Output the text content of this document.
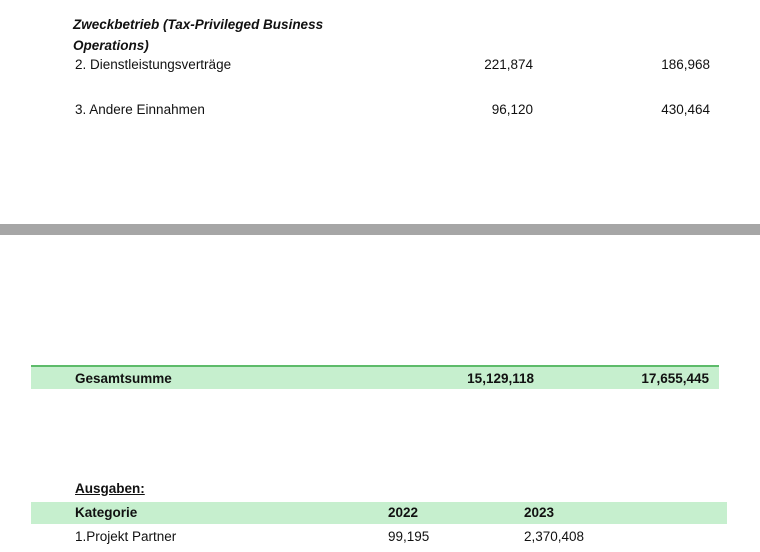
Zweckbetrieb (Tax-Privileged Business Operations)
2. Dienstleistungsverträge	221,874	186,968
3. Andere Einnahmen	96,120	430,464
Gesamtsumme	15,129,118	17,655,445
Ausgaben:
Kategorie	2022	2023
1.Projekt Partner	99,195	2,370,408
